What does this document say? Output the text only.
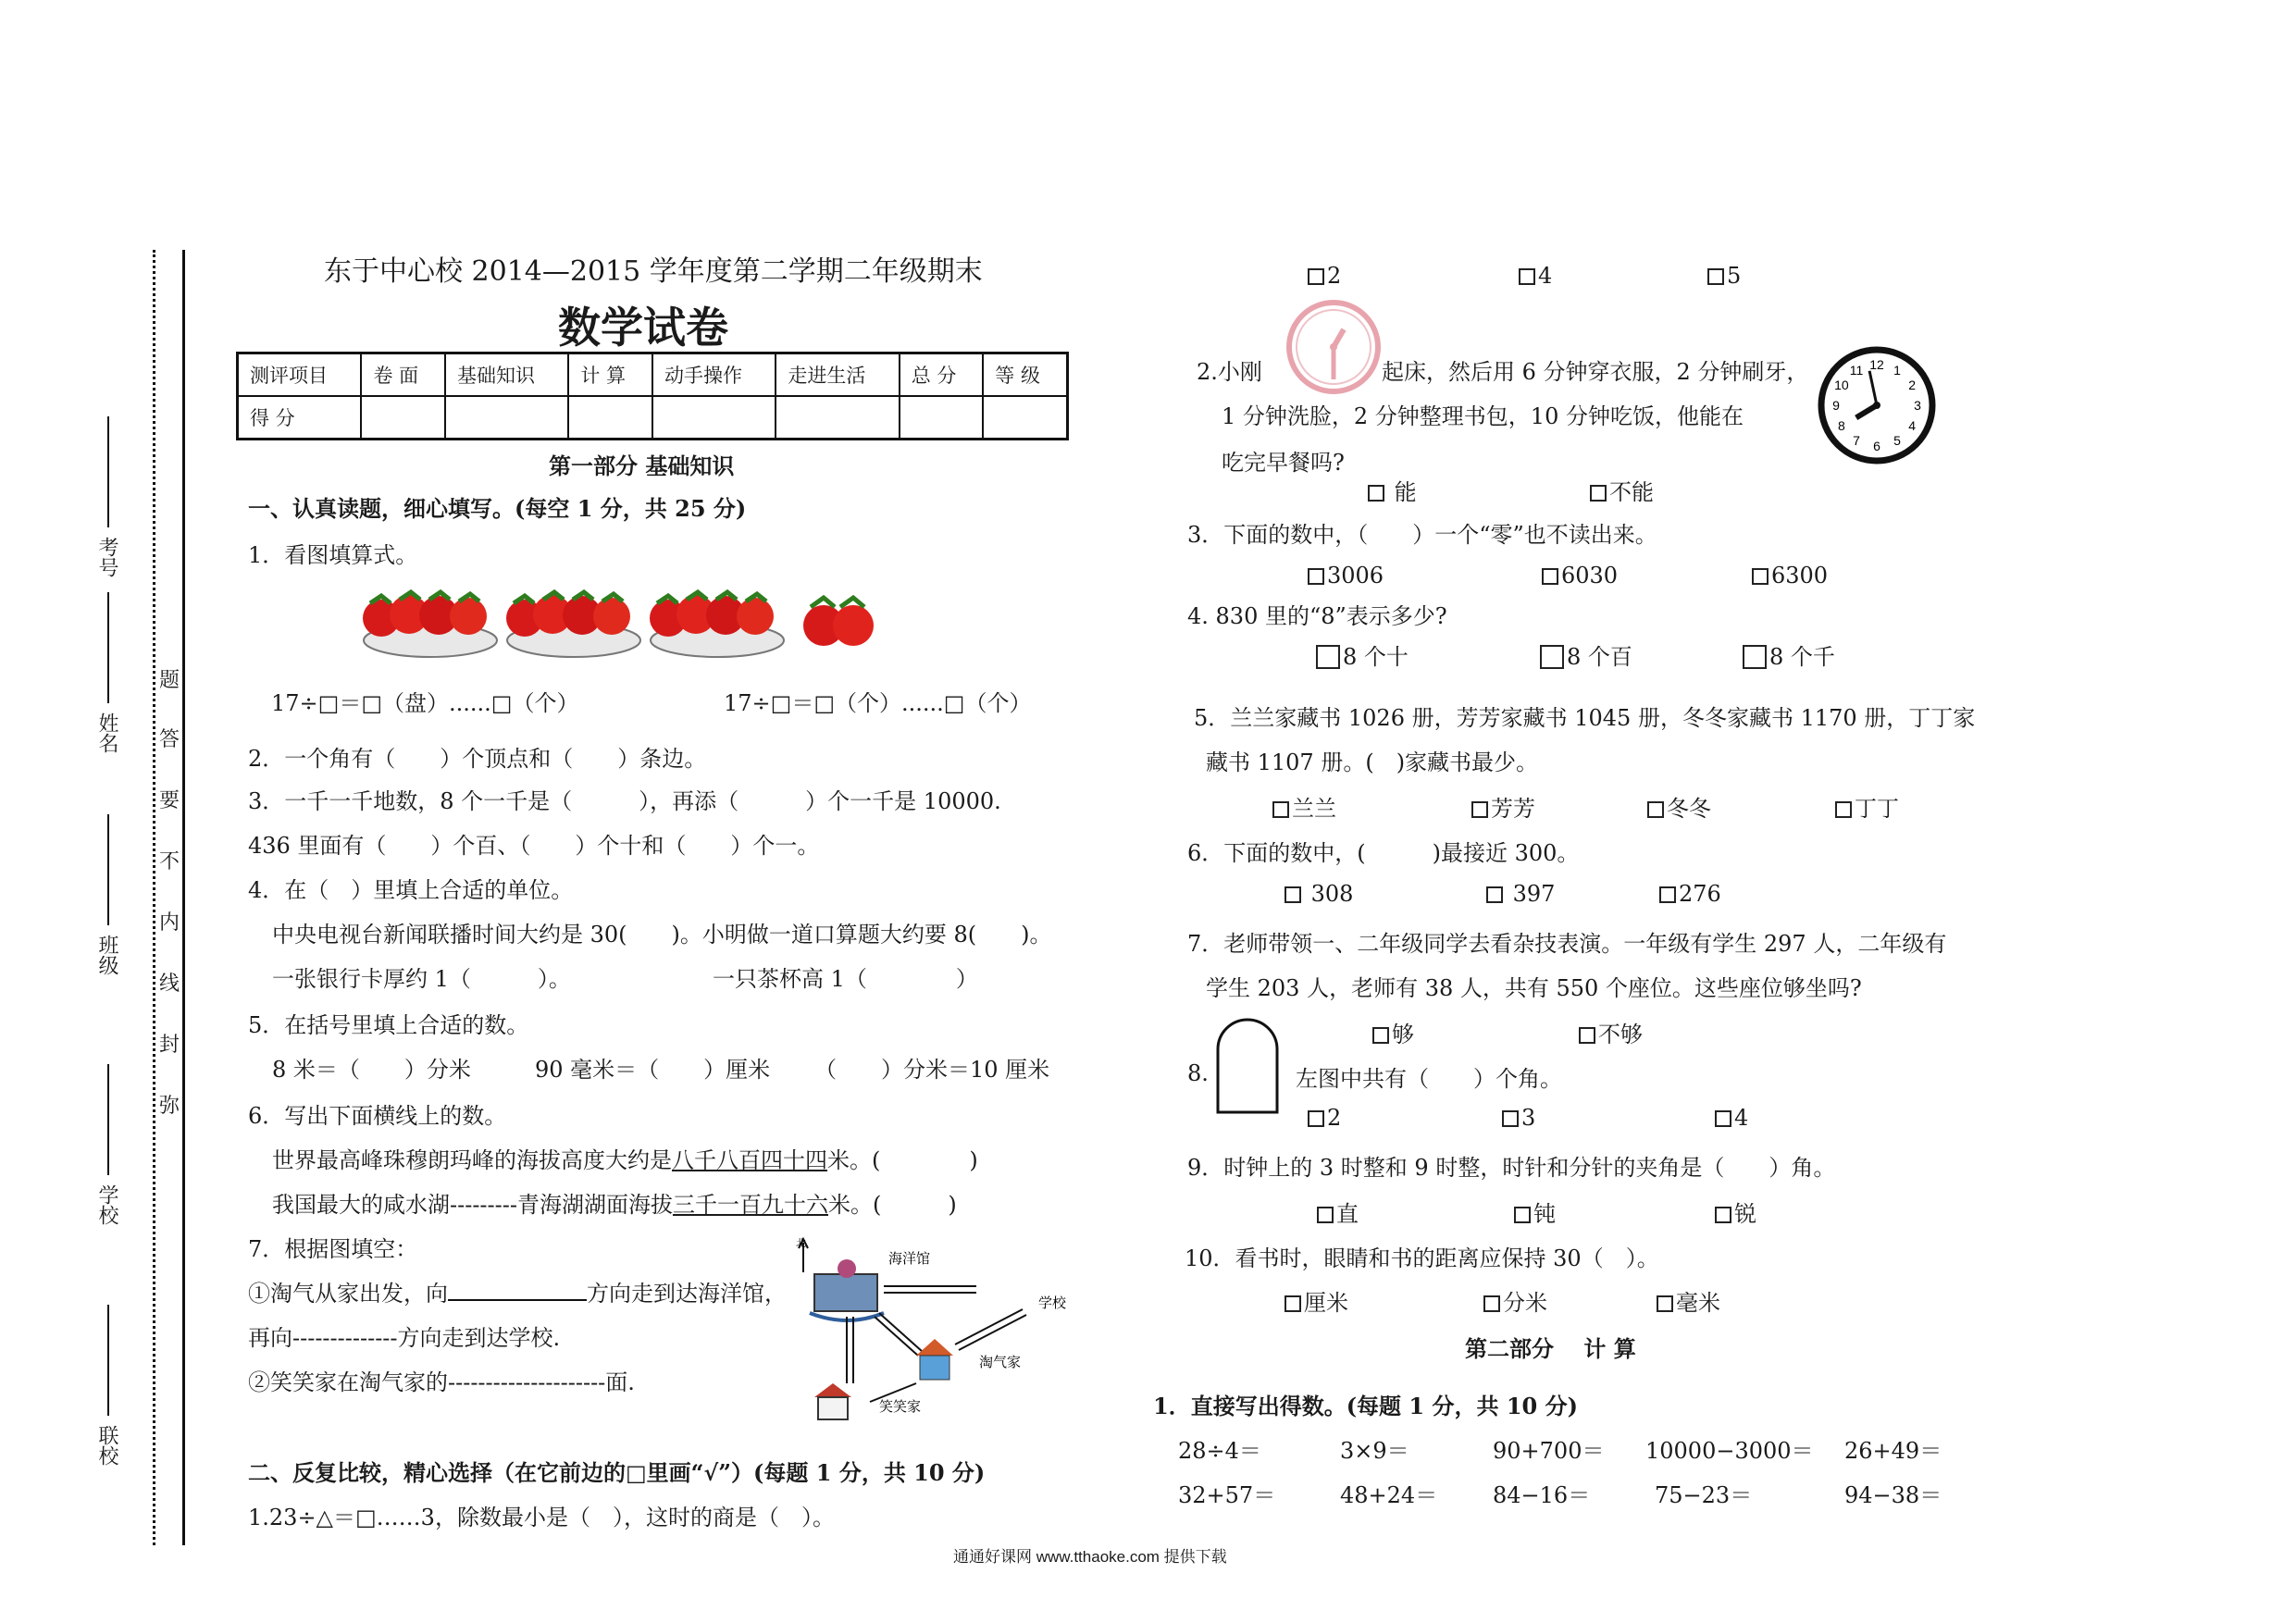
考号
姓名
班级
学校
联校
题
答
要
不
内
线
封
弥
东于中心校 2014—2015 学年度第二学期二年级期末
数学试卷
测评项目	卷 面	基础知识	计 算	动手操作	走进生活	总 分	等 级
得 分							
第一部分 基础知识
一、认真读题，细心填写。(每空 1 分，共 25 分)
1．看图填算式。
17÷□＝□（盘）......□（个）	17÷□＝□（个）......□（个）
2．一个角有（　　）个顶点和（　　）条边。
3．一千一千地数，8 个一千是（　　　），再添（　　　）个一千是 10000.
436 里面有（　　）个百、（　　）个十和（　　）个一。
4．在（　）里填上合适的单位。
中央电视台新闻联播时间大约是 30(　　)。小明做一道口算题大约要 8(　　)。
一张银行卡厚约 1（　　　）。	一只茶杯高 1（　　　　）
5．在括号里填上合适的数。
8 米＝（　　）分米	90 毫米＝（　　）厘米 （　　）分米＝10 厘米
6．写出下面横线上的数。
世界最高峰珠穆朗玛峰的海拔高度大约是八千八百四十四米。(　　　　)
我国最大的咸水湖---------青海湖湖面海拔三千一百九十六米。(　　　)
7．根据图填空：
①淘气从家出发，向	方向走到达海洋馆，
再向--------------方向走到达学校.
②笑笑家在淘气家的---------------------面.
海洋馆
学校
淘气家
笑笑家
北
二、反复比较，精心选择（在它前边的□里画“√”）(每题 1 分，共 10 分)
1.23÷△＝□……3，除数最小是（　），这时的商是（　）。
2	4	5
2.小刚	起床，然后用 6 分钟穿衣服，2 分钟刷牙，
1 分钟洗脸，2 分钟整理书包，10 分钟吃饭，他能在
吃完早餐吗?
12 1
2
3
4
5
6
7
8
9
10
11
能	不能
3．下面的数中，（　　）一个“零”也不读出来。
3006	6030	6300
4. 830 里的“8”表示多少?
8 个十	8 个百	8 个千
5．兰兰家藏书 1026 册，芳芳家藏书 1045 册，冬冬家藏书 1170 册，丁丁家
藏书 1107 册。(　)家藏书最少。
兰兰	芳芳	冬冬	丁丁
6．下面的数中，(　　　)最接近 300。
308	397	276
7．老师带领一、二年级同学去看杂技表演。一年级有学生 297 人，二年级有
学生 203 人，老师有 38 人，共有 550 个座位。这些座位够坐吗?
够	不够
8.	左图中共有（　　）个角。
2	3	4
9．时钟上的 3 时整和 9 时整，时针和分针的夹角是（　　）角。
直	钝	锐
10．看书时，眼睛和书的距离应保持 30（　）。
厘米	分米	毫米
第二部分　 计 算
1．直接写出得数。(每题 1 分，共 10 分)
28÷4＝	3×9＝	90+700＝ 10000−3000＝ 26+49＝
32+57＝	48+24＝ 84−16＝	75−23＝	94−38＝
通通好课网 www.tthaoke.com 提供下载
